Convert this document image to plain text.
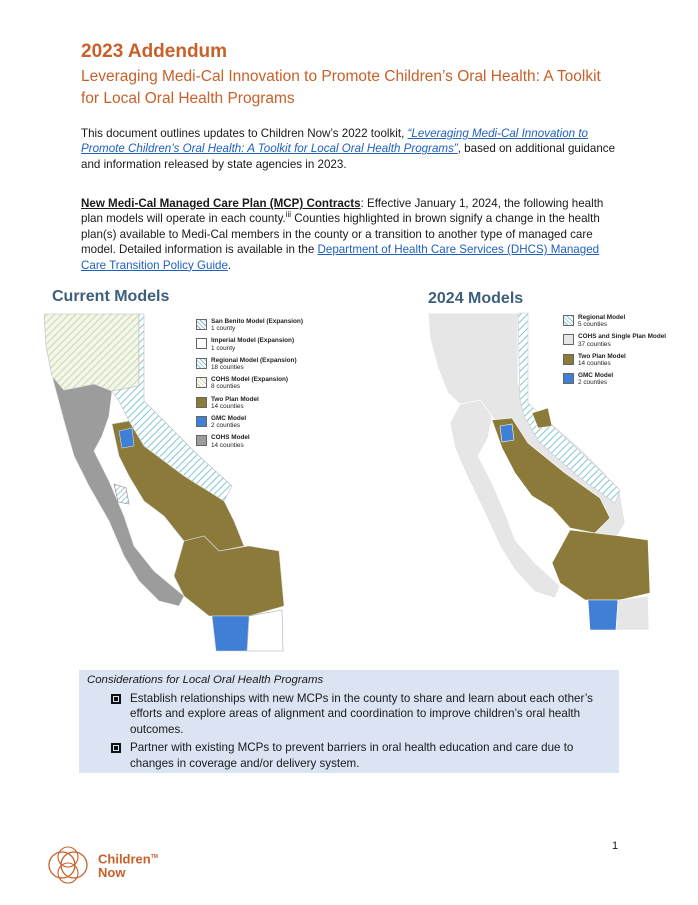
2023 Addendum
Leveraging Medi-Cal Innovation to Promote Children’s Oral Health: A Toolkit for Local Oral Health Programs
This document outlines updates to Children Now’s 2022 toolkit, “Leveraging Medi-Cal Innovation to Promote Children’s Oral Health: A Toolkit for Local Oral Health Programs”, based on additional guidance and information released by state agencies in 2023.
New Medi-Cal Managed Care Plan (MCP) Contracts: Effective January 1, 2024, the following health plan models will operate in each county.$^{iii}$ Counties highlighted in brown signify a change in the health plan(s) available to Medi-Cal members in the county or a transition to another type of managed care model. Detailed information is available in the Department of Health Care Services (DHCS) Managed Care Transition Policy Guide.
Current Models	2024 Models
San Benito Model (Expansion)
1 county
Imperial Model (Expansion)
1 county
Regional Model (Expansion)
18 counties
COHS Model (Expansion)
8 counties
Two Plan Model
14 counties
GMC Model
2 counties
COHS Model
14 counties
Regional Model
5 counties
COHS and Single Plan Model
37 counties
Two Plan Model
14 counties
GMC Model
2 counties
Considerations for Local Oral Health Programs
Establish relationships with new MCPs in the county to share and learn about each other’s efforts and explore areas of alignment and coordination to improve children’s oral health outcomes.
Partner with existing MCPs to prevent barriers in oral health education and care due to changes in coverage and/or delivery system.
1
Children™
Now
